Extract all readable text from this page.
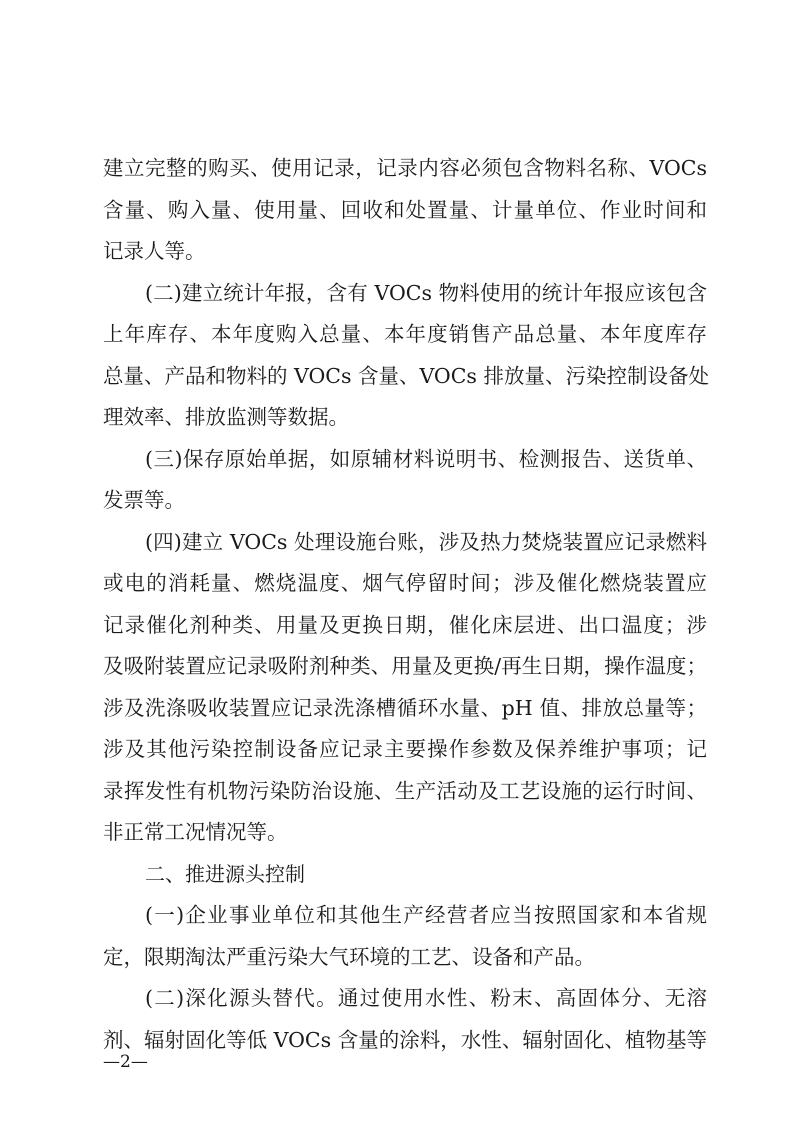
建立完整的购买、使用记录，记录内容必须包含物料名称、VOCs
含量、购入量、使用量、回收和处置量、计量单位、作业时间和
记录人等。
(二)建立统计年报，含有 VOCs 物料使用的统计年报应该包含
上年库存、本年度购入总量、本年度销售产品总量、本年度库存
总量、产品和物料的 VOCs 含量、VOCs 排放量、污染控制设备处
理效率、排放监测等数据。
(三)保存原始单据，如原辅材料说明书、检测报告、送货单、
发票等。
(四)建立 VOCs 处理设施台账，涉及热力焚烧装置应记录燃料
或电的消耗量、燃烧温度、烟气停留时间；涉及催化燃烧装置应
记录催化剂种类、用量及更换日期，催化床层进、出口温度；涉
及吸附装置应记录吸附剂种类、用量及更换/再生日期，操作温度；
涉及洗涤吸收装置应记录洗涤槽循环水量、pH 值、排放总量等；
涉及其他污染控制设备应记录主要操作参数及保养维护事项；记
录挥发性有机物污染防治设施、生产活动及工艺设施的运行时间、
非正常工况情况等。
二、推进源头控制
(一)企业事业单位和其他生产经营者应当按照国家和本省规
定，限期淘汰严重污染大气环境的工艺、设备和产品。
(二)深化源头替代。通过使用水性、粉末、高固体分、无溶
剂、辐射固化等低 VOCs 含量的涂料，水性、辐射固化、植物基等
—2—
